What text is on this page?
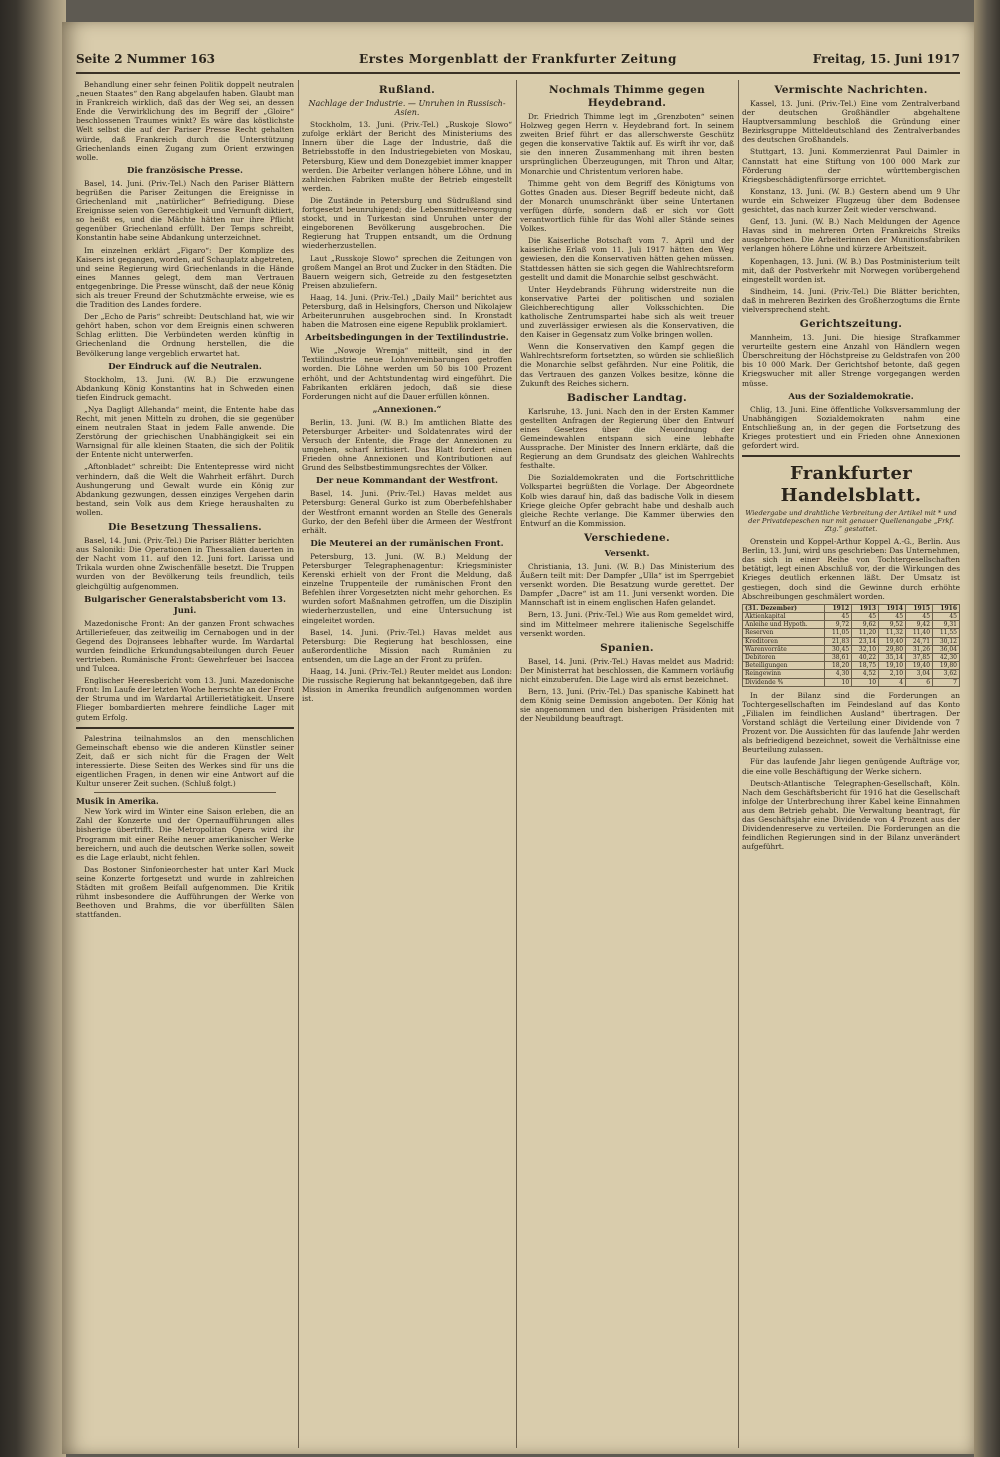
Seite 2 Nummer 163	Erstes Morgenblatt der Frankfurter Zeitung	Freitag, 15. Juni 1917

Behandlung einer sehr feinen Politik doppelt neutralen „neuen Staates“ den Rang abgelaufen haben. Glaubt man in Frankreich wirklich, daß das der Weg sei, an dessen Ende die Verwirklichung des im Begriff der „Gloire“ beschlossenen Traumes winkt? Es wäre das köstlichste Welt selbst die auf der Pariser Presse Recht gehalten würde, daß Frankreich durch die Unterstützung Griechenlands einen Zugang zum Orient erzwingen wolle.

Die französische Presse.

Basel, 14. Juni. (Priv.-Tel.) Nach den Pariser Blättern begrüßen die Pariser Zeitungen die Ereignisse in Griechenland mit „natürlicher“ Befriedigung. Diese Ereignisse seien von Gerechtigkeit und Vernunft diktiert, so heißt es, und die Mächte hätten nur ihre Pflicht gegenüber Griechenland erfüllt. Der Temps schreibt, Konstantin habe seine Abdankung unterzeichnet.

Im einzelnen erklärt „Figaro“: Der Komplize des Kaisers ist gegangen, worden, auf Schauplatz abgetreten, und seine Regierung wird Griechenlands in die Hände eines Mannes gelegt, dem man Vertrauen entgegenbringe. Die Presse wünscht, daß der neue König sich als treuer Freund der Schutzmächte erweise, wie es die Tradition des Landes fordere.

Der „Echo de Paris“ schreibt: Deutschland hat, wie wir gehört haben, schon vor dem Ereignis einen schweren Schlag erlitten. Die Verbündeten werden künftig in Griechenland die Ordnung herstellen, die die Bevölkerung lange vergeblich erwartet hat.

Der Eindruck auf die Neutralen.

Stockholm, 13. Juni. (W. B.) Die erzwungene Abdankung König Konstantins hat in Schweden einen tiefen Eindruck gemacht.

„Nya Dagligt Allehanda“ meint, die Entente habe das Recht, mit jenen Mitteln zu drohen, die sie gegenüber einem neutralen Staat in jedem Falle anwende. Die Zerstörung der griechischen Unabhängigkeit sei ein Warnsignal für alle kleinen Staaten, die sich der Politik der Entente nicht unterwerfen.

„Aftonbladet“ schreibt: Die Ententepresse wird nicht verhindern, daß die Welt die Wahrheit erfährt. Durch Aushungerung und Gewalt wurde ein König zur Abdankung gezwungen, dessen einziges Vergehen darin bestand, sein Volk aus dem Kriege heraushalten zu wollen.

Die Besetzung Thessaliens.

Basel, 14. Juni. (Priv.-Tel.) Die Pariser Blätter berichten aus Saloniki: Die Operationen in Thessalien dauerten in der Nacht vom 11. auf den 12. Juni fort. Larissa und Trikala wurden ohne Zwischenfälle besetzt. Die Truppen wurden von der Bevölkerung teils freundlich, teils gleichgültig aufgenommen.

Bulgarischer Generalstabsbericht vom 13. Juni.

Mazedonische Front: An der ganzen Front schwaches Artilleriefeuer, das zeitweilig im Cernabogen und in der Gegend des Dojransees lebhafter wurde. Im Wardartal wurden feindliche Erkundungsabteilungen durch Feuer vertrieben. Rumänische Front: Gewehrfeuer bei Isaccea und Tulcea.

Englischer Heeresbericht vom 13. Juni. Mazedonische Front: Im Laufe der letzten Woche herrschte an der Front der Struma und im Wardartal Artillerietätigkeit. Unsere Flieger bombardierten mehrere feindliche Lager mit gutem Erfolg.

Palestrina teilnahmslos an den menschlichen Gemeinschaft ebenso wie die anderen Künstler seiner Zeit, daß er sich nicht für die Fragen der Welt interessierte. Diese Seiten des Werkes sind für uns die eigentlichen Fragen, in denen wir eine Antwort auf die Kultur unserer Zeit suchen. (Schluß folgt.)

Musik in Amerika.

New York wird im Winter eine Saison erleben, die an Zahl der Konzerte und der Opernaufführungen alles bisherige übertrifft. Die Metropolitan Opera wird ihr Programm mit einer Reihe neuer amerikanischer Werke bereichern, und auch die deutschen Werke sollen, soweit es die Lage erlaubt, nicht fehlen.

Das Bostoner Sinfonieorchester hat unter Karl Muck seine Konzerte fortgesetzt und wurde in zahlreichen Städten mit großem Beifall aufgenommen. Die Kritik rühmt insbesondere die Aufführungen der Werke von Beethoven und Brahms, die vor überfüllten Sälen stattfanden.

Rußland.
Nachlage der Industrie. — Unruhen in Russisch-Asien.

Stockholm, 13. Juni. (Priv.-Tel.) „Ruskoje Slowo“ zufolge erklärt der Bericht des Ministeriums des Innern über die Lage der Industrie, daß die Betriebsstoffe in den Industriegebieten von Moskau, Petersburg, Kiew und dem Donezgebiet immer knapper werden. Die Arbeiter verlangen höhere Löhne, und in zahlreichen Fabriken mußte der Betrieb eingestellt werden.

Die Zustände in Petersburg und Südrußland sind fortgesetzt beunruhigend; die Lebensmittelversorgung stockt, und in Turkestan sind Unruhen unter der eingeborenen Bevölkerung ausgebrochen. Die Regierung hat Truppen entsandt, um die Ordnung wiederherzustellen.

Laut „Russkoje Slowo“ sprechen die Zeitungen von großem Mangel an Brot und Zucker in den Städten. Die Bauern weigern sich, Getreide zu den festgesetzten Preisen abzuliefern.

Haag, 14. Juni. (Priv.-Tel.) „Daily Mail“ berichtet aus Petersburg, daß in Helsingfors, Cherson und Nikolajew Arbeiterunruhen ausgebrochen sind. In Kronstadt haben die Matrosen eine eigene Republik proklamiert.

Arbeitsbedingungen in der Textilindustrie.

Wie „Nowoje Wremja“ mitteilt, sind in der Textilindustrie neue Lohnvereinbarungen getroffen worden. Die Löhne werden um 50 bis 100 Prozent erhöht, und der Achtstundentag wird eingeführt. Die Fabrikanten erklären jedoch, daß sie diese Forderungen nicht auf die Dauer erfüllen können.

„Annexionen.“

Berlin, 13. Juni. (W. B.) Im amtlichen Blatte des Petersburger Arbeiter- und Soldatenrates wird der Versuch der Entente, die Frage der Annexionen zu umgehen, scharf kritisiert. Das Blatt fordert einen Frieden ohne Annexionen und Kontributionen auf Grund des Selbstbestimmungsrechtes der Völker.

Der neue Kommandant der Westfront.

Basel, 14. Juni. (Priv.-Tel.) Havas meldet aus Petersburg: General Gurko ist zum Oberbefehlshaber der Westfront ernannt worden an Stelle des Generals Gurko, der den Befehl über die Armeen der Westfront erhält.

Die Meuterei an der rumänischen Front.

Petersburg, 13. Juni. (W. B.) Meldung der Petersburger Telegraphenagentur: Kriegsminister Kerenski erhielt von der Front die Meldung, daß einzelne Truppenteile der rumänischen Front den Befehlen ihrer Vorgesetzten nicht mehr gehorchen. Es wurden sofort Maßnahmen getroffen, um die Disziplin wiederherzustellen, und eine Untersuchung ist eingeleitet worden.

Basel, 14. Juni. (Priv.-Tel.) Havas meldet aus Petersburg: Die Regierung hat beschlossen, eine außerordentliche Mission nach Rumänien zu entsenden, um die Lage an der Front zu prüfen.

Haag, 14. Juni. (Priv.-Tel.) Reuter meldet aus London: Die russische Regierung hat bekanntgegeben, daß ihre Mission in Amerika freundlich aufgenommen worden ist.

Nochmals Thimme gegen Heydebrand.

Dr. Friedrich Thimme legt im „Grenzboten“ seinen Holzweg gegen Herrn v. Heydebrand fort. In seinem zweiten Brief führt er das allerschwerste Geschütz gegen die konservative Taktik auf. Es wirft ihr vor, daß sie den inneren Zusammenhang mit ihren besten ursprünglichen Überzeugungen, mit Thron und Altar, Monarchie und Christentum verloren habe.

Thimme geht von dem Begriff des Königtums von Gottes Gnaden aus. Dieser Begriff bedeute nicht, daß der Monarch unumschränkt über seine Untertanen verfügen dürfe, sondern daß er sich vor Gott verantwortlich fühle für das Wohl aller Stände seines Volkes.

Die Kaiserliche Botschaft vom 7. April und der kaiserliche Erlaß vom 11. Juli 1917 hätten den Weg gewiesen, den die Konservativen hätten gehen müssen. Stattdessen hätten sie sich gegen die Wahlrechtsreform gestellt und damit die Monarchie selbst geschwächt.

Unter Heydebrands Führung widerstreite nun die konservative Partei der politischen und sozialen Gleichberechtigung aller Volksschichten. Die katholische Zentrumspartei habe sich als weit treuer und zuverlässiger erwiesen als die Konservativen, die den Kaiser in Gegensatz zum Volke bringen wollen.

Wenn die Konservativen den Kampf gegen die Wahlrechtsreform fortsetzten, so würden sie schließlich die Monarchie selbst gefährden. Nur eine Politik, die das Vertrauen des ganzen Volkes besitze, könne die Zukunft des Reiches sichern.

Badischer Landtag.

Karlsruhe, 13. Juni. Nach den in der Ersten Kammer gestellten Anfragen der Regierung über den Entwurf eines Gesetzes über die Neuordnung der Gemeindewahlen entspann sich eine lebhafte Aussprache. Der Minister des Innern erklärte, daß die Regierung an dem Grundsatz des gleichen Wahlrechts festhalte.

Die Sozialdemokraten und die Fortschrittliche Volkspartei begrüßten die Vorlage. Der Abgeordnete Kolb wies darauf hin, daß das badische Volk in diesem Kriege gleiche Opfer gebracht habe und deshalb auch gleiche Rechte verlange. Die Kammer überwies den Entwurf an die Kommission.

Verschiedene.
Versenkt.

Christiania, 13. Juni. (W. B.) Das Ministerium des Äußern teilt mit: Der Dampfer „Ulla“ ist im Sperrgebiet versenkt worden. Die Besatzung wurde gerettet. Der Dampfer „Dacre“ ist am 11. Juni versenkt worden. Die Mannschaft ist in einem englischen Hafen gelandet.

Bern, 13. Juni. (Priv.-Tel.) Wie aus Rom gemeldet wird, sind im Mittelmeer mehrere italienische Segelschiffe versenkt worden.

Spanien.

Basel, 14. Juni. (Priv.-Tel.) Havas meldet aus Madrid: Der Ministerrat hat beschlossen, die Kammern vorläufig nicht einzuberufen. Die Lage wird als ernst bezeichnet.

Bern, 13. Juni. (Priv.-Tel.) Das spanische Kabinett hat dem König seine Demission angeboten. Der König hat sie angenommen und den bisherigen Präsidenten mit der Neubildung beauftragt.

Vermischte Nachrichten.

Kassel, 13. Juni. (Priv.-Tel.) Eine vom Zentralverband der deutschen Großhändler abgehaltene Hauptversammlung beschloß die Gründung einer Bezirksgruppe Mitteldeutschland des Zentralverbandes des deutschen Großhandels.

Stuttgart, 13. Juni. Kommerzienrat Paul Daimler in Cannstatt hat eine Stiftung von 100 000 Mark zur Förderung der württembergischen Kriegsbeschädigtenfürsorge errichtet.

Konstanz, 13. Juni. (W. B.) Gestern abend um 9 Uhr wurde ein Schweizer Flugzeug über dem Bodensee gesichtet, das nach kurzer Zeit wieder verschwand.

Genf, 13. Juni. (W. B.) Nach Meldungen der Agence Havas sind in mehreren Orten Frankreichs Streiks ausgebrochen. Die Arbeiterinnen der Munitionsfabriken verlangen höhere Löhne und kürzere Arbeitszeit.

Kopenhagen, 13. Juni. (W. B.) Das Postministerium teilt mit, daß der Postverkehr mit Norwegen vorübergehend eingestellt worden ist.

Sindheim, 14. Juni. (Priv.-Tel.) Die Blätter berichten, daß in mehreren Bezirken des Großherzogtums die Ernte vielversprechend steht.

Gerichtszeitung.

Mannheim, 13. Juni. Die hiesige Strafkammer verurteilte gestern eine Anzahl von Händlern wegen Überschreitung der Höchstpreise zu Geldstrafen von 200 bis 10 000 Mark. Der Gerichtshof betonte, daß gegen Kriegswucher mit aller Strenge vorgegangen werden müsse.

Aus der Sozialdemokratie.

Chlig, 13. Juni. Eine öffentliche Volksversammlung der Unabhängigen Sozialdemokraten nahm eine Entschließung an, in der gegen die Fortsetzung des Krieges protestiert und ein Frieden ohne Annexionen gefordert wird.

Frankfurter Handelsblatt.
Wiedergabe und drahtliche Verbreitung der Artikel mit * und der Privatdepeschen nur mit genauer Quellenangabe „Frkf. Ztg.“ gestattet.

Orenstein und Koppel-Arthur Koppel A.-G., Berlin. Aus Berlin, 13. Juni, wird uns geschrieben: Das Unternehmen, das sich in einer Reihe von Tochtergesellschaften betätigt, legt einen Abschluß vor, der die Wirkungen des Krieges deutlich erkennen läßt. Der Umsatz ist gestiegen, doch sind die Gewinne durch erhöhte Abschreibungen geschmälert worden.

(31. Dezember)	1912	1913	1914	1915	1916
Aktienkapital	45	45	45	45	45
Anleihe und Hypoth.	9,72	9,62	9,52	9,42	9,31
Reserven	11,05	11,20	11,32	11,40	11,55
Kreditoren	21,83	23,14	19,40	24,71	30,12
Warenvorräte	30,45	32,10	29,80	31,26	36,04
Debitoren	38,61	40,22	35,14	37,85	42,30
Beteiligungen	18,20	18,75	19,10	19,40	19,80
Reingewinn	4,30	4,52	2,10	3,04	3,62
Dividende %	10	10	4	6	7

In der Bilanz sind die Forderungen an Tochtergesellschaften im Feindesland auf das Konto „Filialen im feindlichen Ausland“ übertragen. Der Vorstand schlägt die Verteilung einer Dividende von 7 Prozent vor. Die Aussichten für das laufende Jahr werden als befriedigend bezeichnet, soweit die Verhältnisse eine Beurteilung zulassen.

Für das laufende Jahr liegen genügende Aufträge vor, die eine volle Beschäftigung der Werke sichern.

Deutsch-Atlantische Telegraphen-Gesellschaft, Köln. Nach dem Geschäftsbericht für 1916 hat die Gesellschaft infolge der Unterbrechung ihrer Kabel keine Einnahmen aus dem Betrieb gehabt. Die Verwaltung beantragt, für das Geschäftsjahr eine Dividende von 4 Prozent aus der Dividendenreserve zu verteilen. Die Forderungen an die feindlichen Regierungen sind in der Bilanz unverändert aufgeführt.
